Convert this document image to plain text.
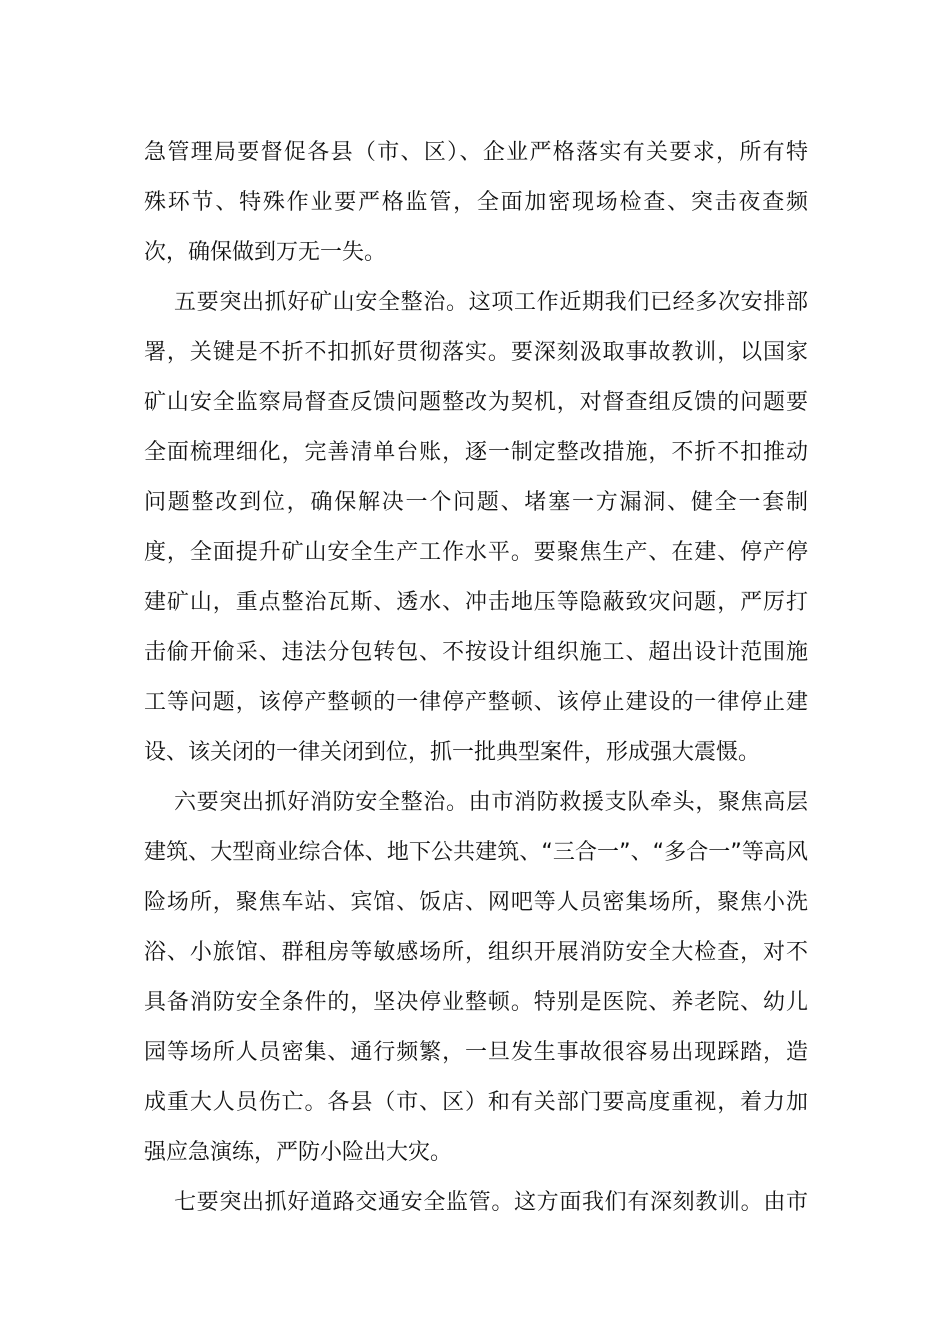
急管理局要督促各县（市、区）、企业严格落实有关要求，所有特
殊环节、特殊作业要严格监管，全面加密现场检查、突击夜查频
次，确保做到万无一失。
五要突出抓好矿山安全整治。这项工作近期我们已经多次安排部
署，关键是不折不扣抓好贯彻落实。要深刻汲取事故教训，以国家
矿山安全监察局督查反馈问题整改为契机，对督查组反馈的问题要
全面梳理细化，完善清单台账，逐一制定整改措施，不折不扣推动
问题整改到位，确保解决一个问题、堵塞一方漏洞、健全一套制
度，全面提升矿山安全生产工作水平。要聚焦生产、在建、停产停
建矿山，重点整治瓦斯、透水、冲击地压等隐蔽致灾问题，严厉打
击偷开偷采、违法分包转包、不按设计组织施工、超出设计范围施
工等问题，该停产整顿的一律停产整顿、该停止建设的一律停止建
设、该关闭的一律关闭到位，抓一批典型案件，形成强大震慑。
六要突出抓好消防安全整治。由市消防救援支队牵头，聚焦高层
建筑、大型商业综合体、地下公共建筑、“三合一”、“多合一”等高风
险场所，聚焦车站、宾馆、饭店、网吧等人员密集场所，聚焦小洗
浴、小旅馆、群租房等敏感场所，组织开展消防安全大检查，对不
具备消防安全条件的，坚决停业整顿。特别是医院、养老院、幼儿
园等场所人员密集、通行频繁，一旦发生事故很容易出现踩踏，造
成重大人员伤亡。各县（市、区）和有关部门要高度重视，着力加
强应急演练，严防小险出大灾。
七要突出抓好道路交通安全监管。这方面我们有深刻教训。由市
